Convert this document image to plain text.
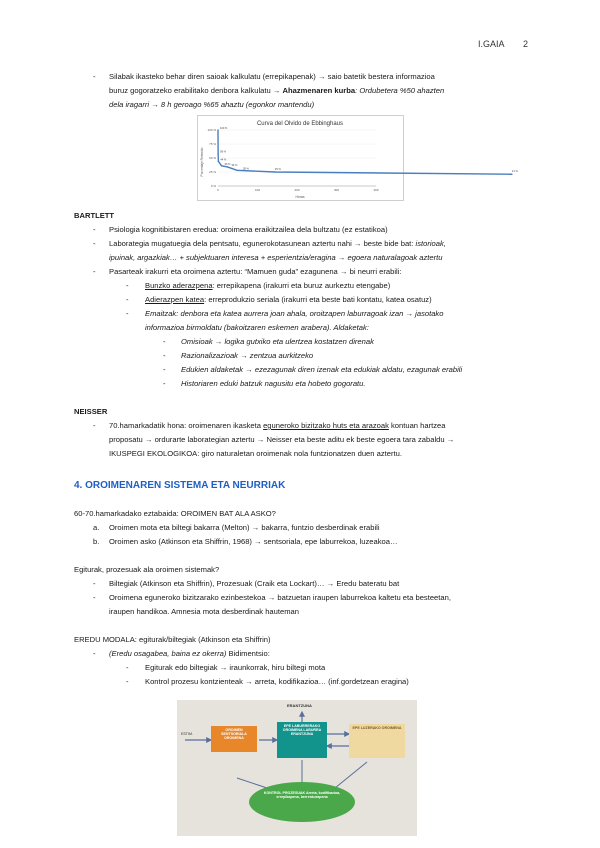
I.GAIA 2
- Silabak ikasteko behar diren saioak kalkulatu (errepikapenak) → saio batetik bestera informazioa
buruz gogoratzeko erabilitako denbora kalkulatu → Ahazmenaren kurba: Ordubetera %50 ahazten
dela iragarri → 8 h geroago %65 ahaztu (egonkor mantendu)
Curva del Olvido de Ebbinghaus
Porcentaje Retenido
Horas
0 %
25 %
50 %
75 %
100 %
0	100	200	300	400
100 %
58 %
44 %
36 % 33 %
28 %	25 %
21 %
BARTLETT
- Psiologia kognitibistaren eredua: oroimena eraikitzailea dela bultzatu (ez estatikoa)
- Laborategia mugatuegia dela pentsatu, egunerokotasunean aztertu nahi → beste bide bat: istorioak,
ipuinak, argazkiak… + subjektuaren interesa + esperientzia/eragina → egoera naturalagoak aztertu
- Pasarteak irakurri eta oroimena aztertu: “Mamuen guda” ezagunena → bi neurri erabili:
- Bunzko aderazpena: errepikapena (irakurri eta buruz aurkeztu etengabe)
- Adierazpen katea: erreprodukzio seriala (irakurri eta beste bati kontatu, katea osatuz)
- Emaitzak: denbora eta katea aurrera joan ahala, oroitzapen laburragoak izan → jasotako
informazioa birmoldatu (bakoitzaren eskemen arabera). Aldaketak:
- Omisioak → logika gutxiko eta ulertzea kostatzen direnak
- Razionalizazioak → zentzua aurkitzeko
- Edukien aldaketak → ezezagunak diren izenak eta edukiak aldatu, ezagunak erabili
- Historiaren eduki batzuk nagusitu eta hobeto gogoratu.
NEISSER
- 70.hamarkadatik hona: oroimenaren ikasketa eguneroko bizitzako huts eta arazoak kontuan hartzea
proposatu → ordurarte laborategian aztertu → Neisser eta beste aditu ek beste egoera tara zabaldu →
IKUSPEGI EKOLOGIKOA: giro naturaletan oroimenak nola funtzionatzen duen aztertu.
4. OROIMENAREN SISTEMA ETA NEURRIAK
60-70.hamarkadako eztabaida: OROIMEN BAT ALA ASKO?
a. Oroimen mota eta biltegi bakarra (Melton) → bakarra, funtzio desberdinak erabili
b. Oroimen asko (Atkinson eta Shiffrin, 1968) → sentsoriala, epe laburrekoa, luzeakoa…
Egiturak, prozesuak ala oroimen sistemak?
- Biltegiak (Atkinson eta Shiffrin), Prozesuak (Craik eta Lockart)… → Eredu bateratu bat
- Oroimena eguneroko bizitzarako ezinbestekoa → batzuetan iraupen laburrekoa kaltetu eta besteetan,
iraupen handikoa. Amnesia mota desberdinak hauteman
EREDU MODALA: egiturak/biltegiak (Atkinson eta Shiffrin)
- (Eredu osagabea, baina ez okerra) Bidimentsio:
- Egiturak edo biltegiak → iraunkorrak, hiru biltegi mota
- Kontrol prozesu kontzienteak → arreta, kodifikazioa… (inf.gordetzean eragina)
ERANTZUNA
ESTIM.
OROIMEN SENTSORIALA OROIMENA
EPE LABURRERAKO OROIMENA LABURRA ERANTZUNA
EPE LUZERAKO OROIMENA
KONTROL PROZESUAK Arreta, kodifikazioa, errepikapena, berreskurapena
